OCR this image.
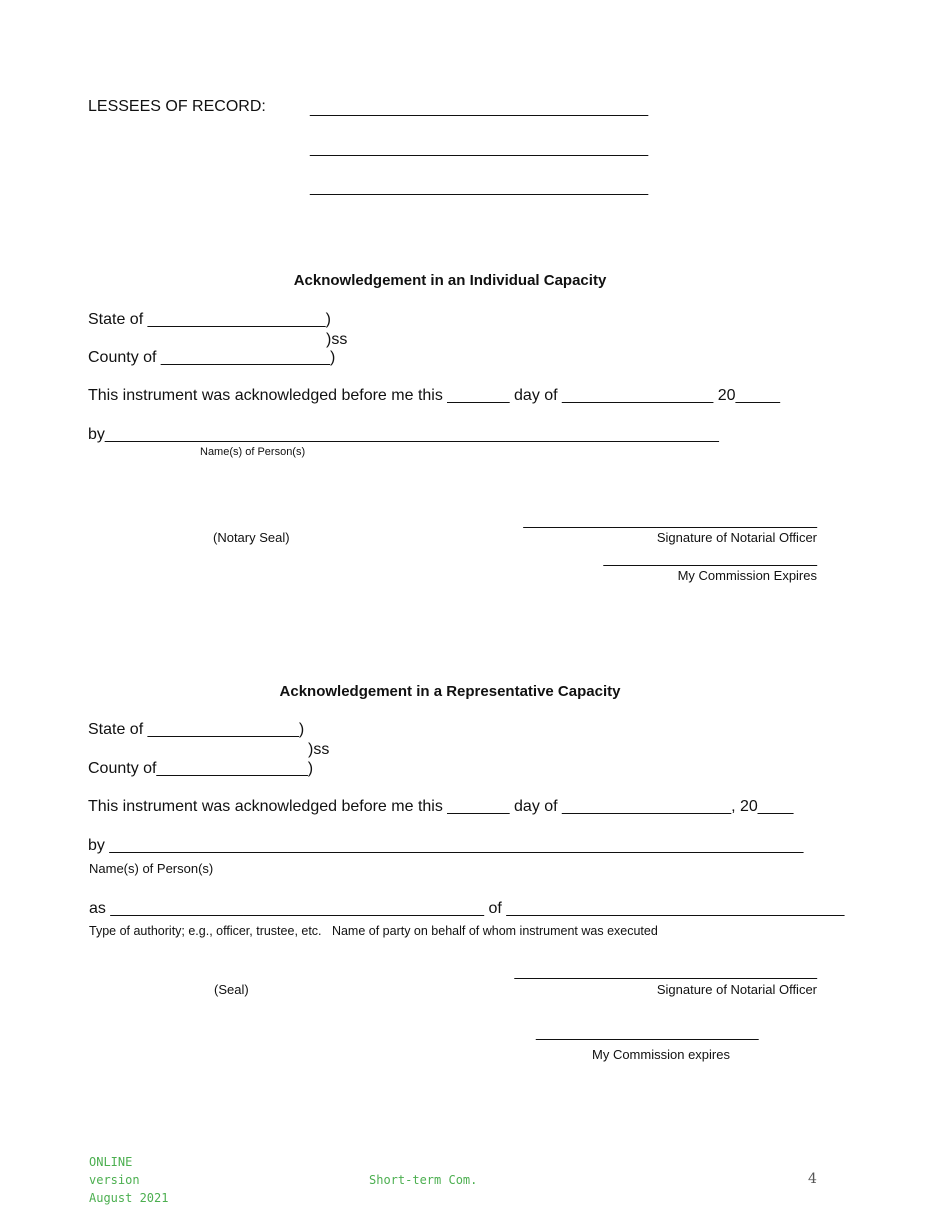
LESSEES OF RECORD:	______________________________________
______________________________________
______________________________________
Acknowledgement in an Individual Capacity
State of ____________________)
)ss
County of ___________________)
This instrument was acknowledged before me this _______ day of _________________ 20_____
by_____________________________________________________________________
Name(s) of Person(s)
(Notary Seal)
_________________________________
Signature of Notarial Officer
________________________
My Commission Expires
Acknowledgement in a Representative Capacity
State of _________________)
)ss
County of_________________)
This instrument was acknowledged before me this _______ day of ___________________, 20____
by ______________________________________________________________________________
Name(s) of Person(s)
as __________________________________________ of ______________________________________
Type of authority; e.g., officer, trustee, etc.   Name of party on behalf of whom instrument was executed
(Seal)
__________________________________
Signature of Notarial Officer
_________________________
My Commission expires
ONLINE
version
August 2021
Short-term Com.	4
